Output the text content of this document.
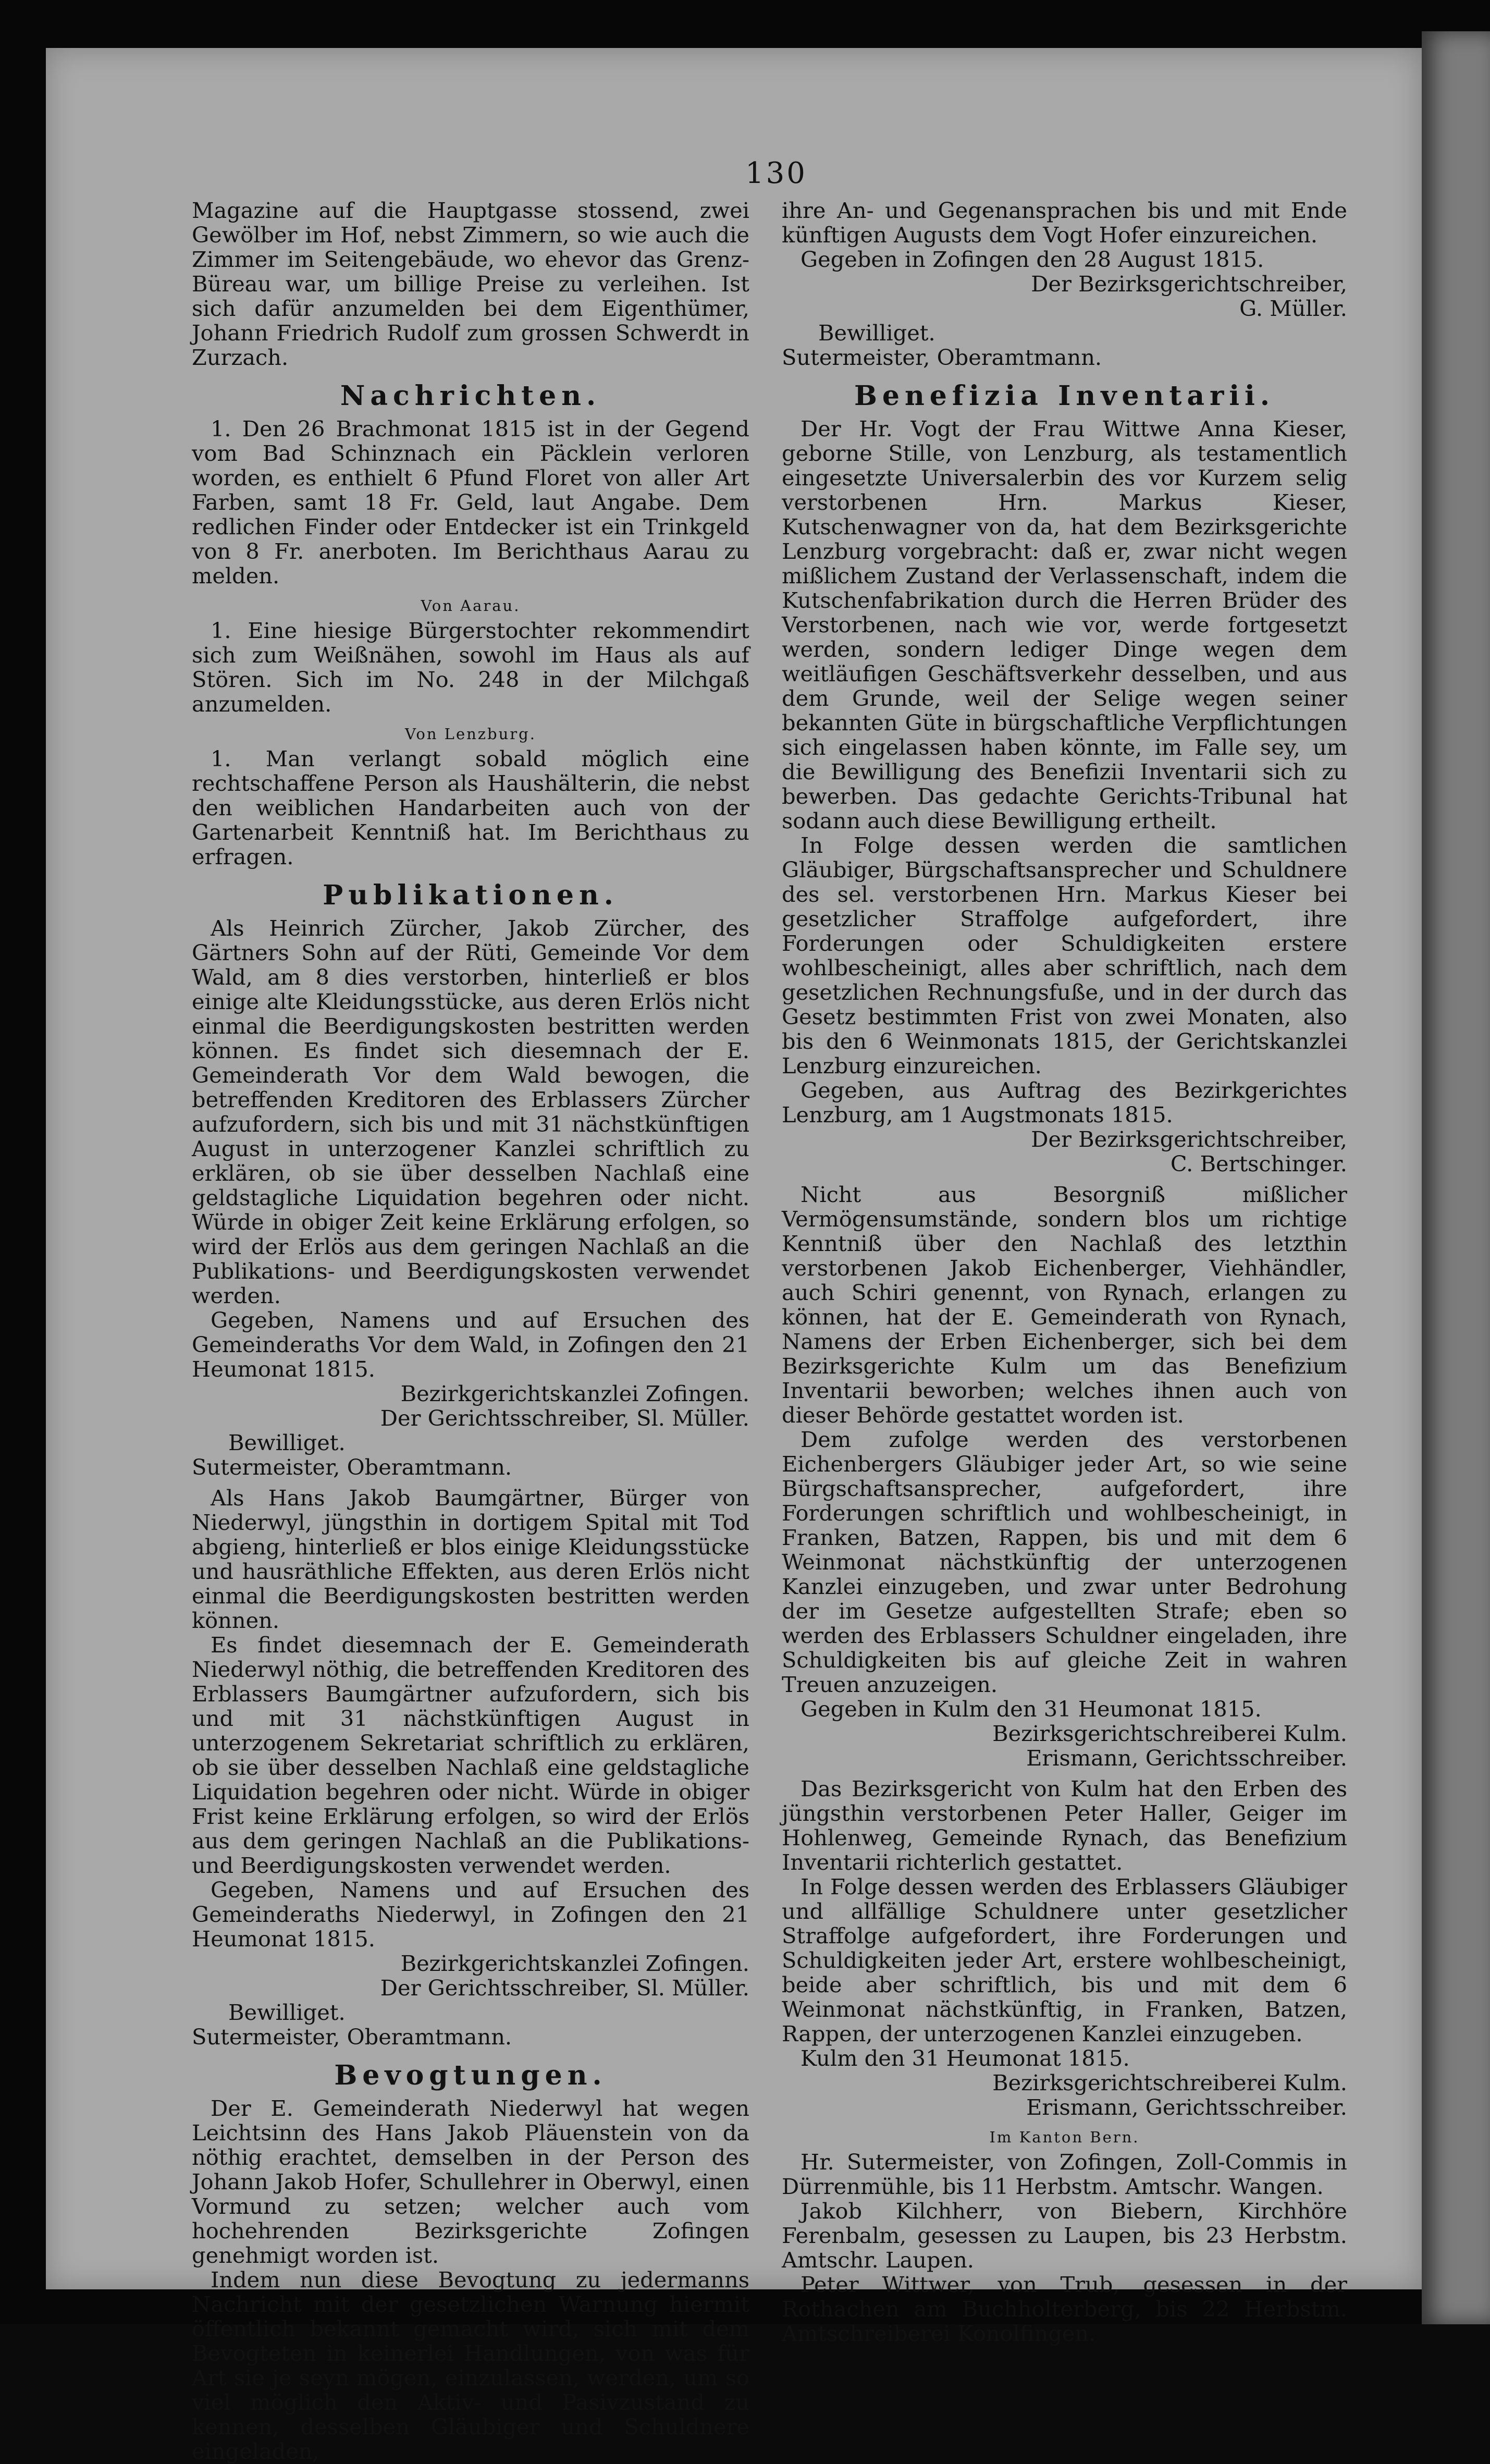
130

Magazine auf die Hauptgasse stossend, zwei Gewölber im Hof, nebst Zimmern, so wie auch die Zimmer im Seitengebäude, wo ehevor das Grenz-Büreau war, um billige Preise zu verleihen. Ist sich dafür anzumelden bei dem Eigenthümer, Johann Friedrich Rudolf zum grossen Schwerdt in Zurzach.

Nachrichten.

1. Den 26 Brachmonat 1815 ist in der Gegend vom Bad Schinznach ein Päcklein verloren worden, es enthielt 6 Pfund Floret von aller Art Farben, samt 18 Fr. Geld, laut Angabe. Dem redlichen Finder oder Entdecker ist ein Trinkgeld von 8 Fr. anerboten. Im Berichthaus Aarau zu melden.

Von Aarau.

1. Eine hiesige Bürgerstochter rekommendirt sich zum Weißnähen, sowohl im Haus als auf Stören. Sich im No. 248 in der Milchgaß anzumelden.

Von Lenzburg.

1. Man verlangt sobald möglich eine rechtschaffene Person als Haushälterin, die nebst den weiblichen Handarbeiten auch von der Gartenarbeit Kenntniß hat. Im Berichthaus zu erfragen.

Publikationen.

Als Heinrich Zürcher, Jakob Zürcher, des Gärtners Sohn auf der Rüti, Gemeinde Vor dem Wald, am 8 dies verstorben, hinterließ er blos einige alte Kleidungsstücke, aus deren Erlös nicht einmal die Beerdigungskosten bestritten werden können. Es findet sich diesemnach der E. Gemeinderath Vor dem Wald bewogen, die betreffenden Kreditoren des Erblassers Zürcher aufzufordern, sich bis und mit 31 nächstkünftigen August in unterzogener Kanzlei schriftlich zu erklären, ob sie über desselben Nachlaß eine geldstagliche Liquidation begehren oder nicht. Würde in obiger Zeit keine Erklärung erfolgen, so wird der Erlös aus dem geringen Nachlaß an die Publikations- und Beerdigungskosten verwendet werden.

Gegeben, Namens und auf Ersuchen des Gemeinderaths Vor dem Wald, in Zofingen den 21 Heumonat 1815.

Bezirkgerichtskanzlei Zofingen.
Der Gerichtsschreiber, Sl. Müller.
Bewilliget.
Sutermeister, Oberamtmann.

Als Hans Jakob Baumgärtner, Bürger von Niederwyl, jüngsthin in dortigem Spital mit Tod abgieng, hinterließ er blos einige Kleidungsstücke und hausräthliche Effekten, aus deren Erlös nicht einmal die Beerdigungskosten bestritten werden können.

Es findet diesemnach der E. Gemeinderath Niederwyl nöthig, die betreffenden Kreditoren des Erblassers Baumgärtner aufzufordern, sich bis und mit 31 nächstkünftigen August in unterzogenem Sekretariat schriftlich zu erklären, ob sie über desselben Nachlaß eine geldstagliche Liquidation begehren oder nicht. Würde in obiger Frist keine Erklärung erfolgen, so wird der Erlös aus dem geringen Nachlaß an die Publikations- und Beerdigungskosten verwendet werden.

Gegeben, Namens und auf Ersuchen des Gemeinderaths Niederwyl, in Zofingen den 21 Heumonat 1815.

Bezirkgerichtskanzlei Zofingen.
Der Gerichtsschreiber, Sl. Müller.
Bewilliget.
Sutermeister, Oberamtmann.
Bevogtungen.

Der E. Gemeinderath Niederwyl hat wegen Leichtsinn des Hans Jakob Pläuenstein von da nöthig erachtet, demselben in der Person des Johann Jakob Hofer, Schullehrer in Oberwyl, einen Vormund zu setzen; welcher auch vom hochehrenden Bezirksgerichte Zofingen genehmigt worden ist.

Indem nun diese Bevogtung zu jedermanns Nachricht mit der gesetzlichen Warnung hiermit öffentlich bekannt gemacht wird, sich mit dem Bevogteten in keinerlei Handlungen, von was für Art sie je seyn mögen, einzulassen, werden, um so viel möglich den Aktiv- und Pasivzustand zu kennen, desselben Gläubiger und Schuldnere eingeladen,

ihre An- und Gegenansprachen bis und mit Ende künftigen Augusts dem Vogt Hofer einzureichen.

Gegeben in Zofingen den 28 August 1815.

Der Bezirksgerichtschreiber,
G. Müller.
Bewilliget.
Sutermeister, Oberamtmann.
Benefizia Inventarii.

Der Hr. Vogt der Frau Wittwe Anna Kieser, geborne Stille, von Lenzburg, als testamentlich eingesetzte Universalerbin des vor Kurzem selig verstorbenen Hrn. Markus Kieser, Kutschenwagner von da, hat dem Bezirksgerichte Lenzburg vorgebracht: daß er, zwar nicht wegen mißlichem Zustand der Verlassenschaft, indem die Kutschenfabrikation durch die Herren Brüder des Verstorbenen, nach wie vor, werde fortgesetzt werden, sondern lediger Dinge wegen dem weitläufigen Geschäftsverkehr desselben, und aus dem Grunde, weil der Selige wegen seiner bekannten Güte in bürgschaftliche Verpflichtungen sich eingelassen haben könnte, im Falle sey, um die Bewilligung des Benefizii Inventarii sich zu bewerben. Das gedachte Gerichts-Tribunal hat sodann auch diese Bewilligung ertheilt.

In Folge dessen werden die samtlichen Gläubiger, Bürgschaftsansprecher und Schuldnere des sel. verstorbenen Hrn. Markus Kieser bei gesetzlicher Straffolge aufgefordert, ihre Forderungen oder Schuldigkeiten erstere wohlbescheinigt, alles aber schriftlich, nach dem gesetzlichen Rechnungsfuße, und in der durch das Gesetz bestimmten Frist von zwei Monaten, also bis den 6 Weinmonats 1815, der Gerichtskanzlei Lenzburg einzureichen.

Gegeben, aus Auftrag des Bezirkgerichtes Lenzburg, am 1 Augstmonats 1815.

Der Bezirksgerichtschreiber,
C. Bertschinger.

Nicht aus Besorgniß mißlicher Vermögensumstände, sondern blos um richtige Kenntniß über den Nachlaß des letzthin verstorbenen Jakob Eichenberger, Viehhändler, auch Schiri genennt, von Rynach, erlangen zu können, hat der E. Gemeinderath von Rynach, Namens der Erben Eichenberger, sich bei dem Bezirksgerichte Kulm um das Benefizium Inventarii beworben; welches ihnen auch von dieser Behörde gestattet worden ist.

Dem zufolge werden des verstorbenen Eichenbergers Gläubiger jeder Art, so wie seine Bürgschaftsansprecher, aufgefordert, ihre Forderungen schriftlich und wohlbescheinigt, in Franken, Batzen, Rappen, bis und mit dem 6 Weinmonat nächstkünftig der unterzogenen Kanzlei einzugeben, und zwar unter Bedrohung der im Gesetze aufgestellten Strafe; eben so werden des Erblassers Schuldner eingeladen, ihre Schuldigkeiten bis auf gleiche Zeit in wahren Treuen anzuzeigen.

Gegeben in Kulm den 31 Heumonat 1815.

Bezirksgerichtschreiberei Kulm.
Erismann, Gerichtsschreiber.

Das Bezirksgericht von Kulm hat den Erben des jüngsthin verstorbenen Peter Haller, Geiger im Hohlenweg, Gemeinde Rynach, das Benefizium Inventarii richterlich gestattet.

In Folge dessen werden des Erblassers Gläubiger und allfällige Schuldnere unter gesetzlicher Straffolge aufgefordert, ihre Forderungen und Schuldigkeiten jeder Art, erstere wohlbescheinigt, beide aber schriftlich, bis und mit dem 6 Weinmonat nächstkünftig, in Franken, Batzen, Rappen, der unterzogenen Kanzlei einzugeben.

Kulm den 31 Heumonat 1815.

Bezirksgerichtschreiberei Kulm.
Erismann, Gerichtsschreiber.
Im Kanton Bern.

Hr. Sutermeister, von Zofingen, Zoll-Commis in Dürrenmühle, bis 11 Herbstm. Amtschr. Wangen.

Jakob Kilchherr, von Biebern, Kirchhöre Ferenbalm, gesessen zu Laupen, bis 23 Herbstm. Amtschr. Laupen.

Peter Wittwer, von Trub, gesessen in der Rothachen am Buchholterberg, bis 22 Herbstm. Amtschreiberei Konolfingen.
